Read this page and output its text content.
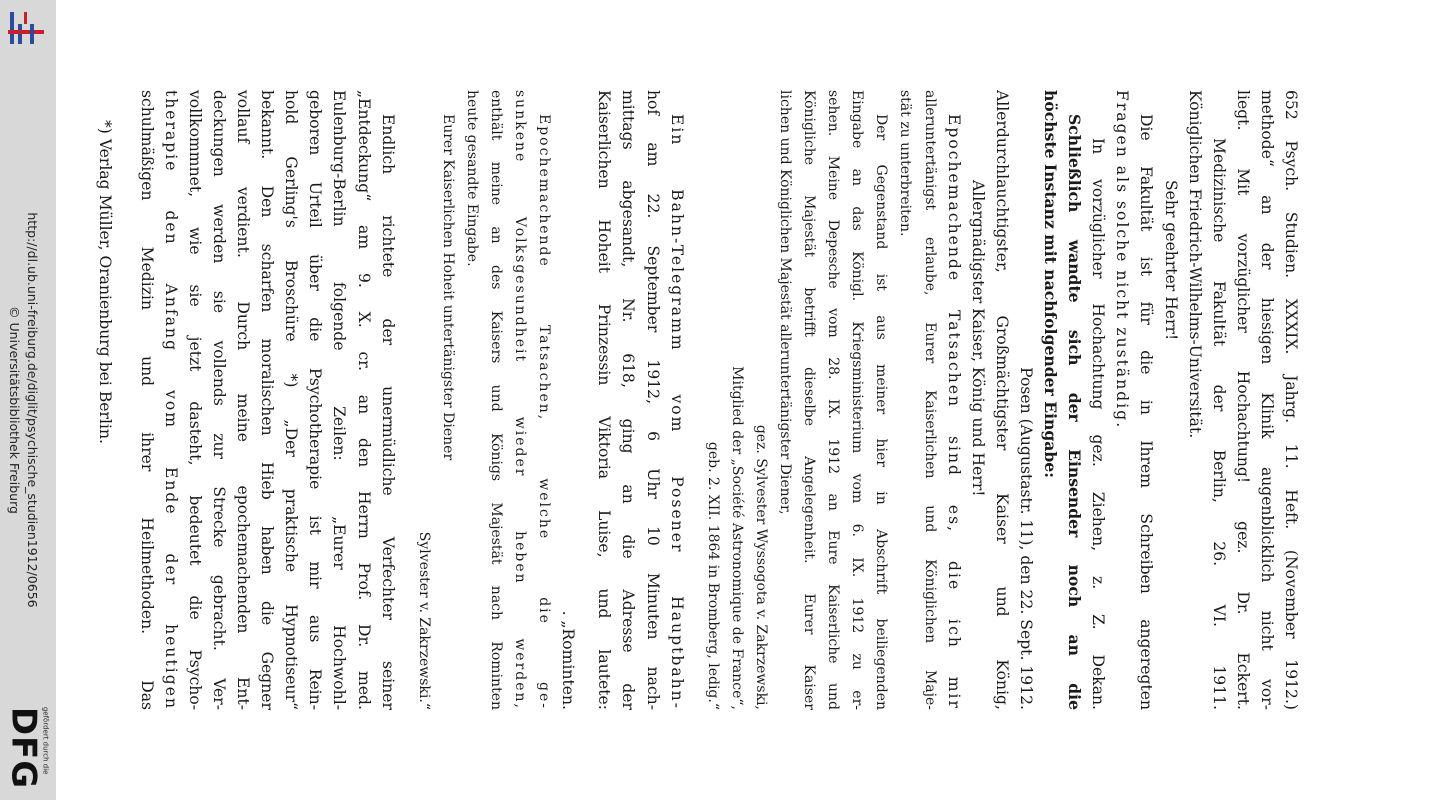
http://dl.ub.uni-freiburg.de/diglit/psychische_studien1912/0656
© Universitätsbibliothek Freiburg
gefördert durch die
DFG
652 Psych. Studien. XXXIX. Jahrg. 11. Heft. (November 1912.)
methode“ an der hiesigen Klinik augenblicklich nicht vor-
liegt. Mit vorzüglicher Hochachtung! gez. Dr. Eckert.
Medizinische Fakultät der Berlin, 26. VI. 1911.
Königlichen Friedrich-Wilhelms-Universität.
Sehr geehrter Herr!
Die Fakultät ist für die in Ihrem Schreiben angeregten
Fragen als solche nicht zuständig.
In vorzüglicher Hochachtung gez. Ziehen, z. Z. Dekan.
Schließlich wandte sich der Einsender noch an die
höchste Instanz mit nachfolgender Eingabe:
Posen (Augustastr. 11), den 22. Sept. 1912.
Allerdurchlauchtigster, Großmächtigster Kaiser und König,
Allergnädigster Kaiser, König und Herr!
Epochemachende Tatsachen sind es, die ich mir
alleruntertänigst erlaube, Eurer Kaiserlichen und Königlichen Maje-
stät zu unterbreiten.
Der Gegenstand ist aus meiner hier in Abschrift beiliegenden
Eingabe an das Königl. Kriegsministerium vom 6. IX. 1912 zu er-
sehen. Meine Depesche vom 28. IX. 1912 an Eure Kaiserliche und
Königliche Majestät betrifft dieselbe Angelegenheit. Eurer Kaiser
lichen und Königlichen Majestät alleruntertänigster Diener,
gez. Sylvester Wyssogota v. Zakrzewski,
Mitglied der „Société Astronomique de France“,
geb. 2. XII. 1864 in Bromberg, ledig.“
Ein Bahn-Telegramm vom Posener Hauptbahn-
hof am 22. September 1912, 6 Uhr 10 Minuten nach-
mittags abgesandt, Nr. 618, ging an die Adresse der
Kaiserlichen Hoheit Prinzessin Viktoria Luise, und lautete:
. „Rominten.
Epochemachende Tatsachen, welche die ge-
sunkene Volksgesundheit wieder heben werden,
enthält meine an des Kaisers und Königs Majestät nach Rominten
heute gesandte Eingabe.
Eurer Kaiserlichen Hoheit untertänigster Diener
Sylvester v. Zakrzewski.“
Endlich richtete der unermüdliche Verfechter seiner
„Entdeckung“ am 9. X. cr. an den Herrn Prof. Dr. med.
Eulenburg-Berlin folgende Zeilen: „Eurer Hochwohl-
geboren Urteil über die Psychotherapie ist mir aus Rein-
hold Gerling's Broschüre *) „Der praktische Hypnotiseur“
bekannt. Den scharfen moralischen Hieb haben die Gegner
vollauf verdient. Durch meine epochemachenden Ent-
deckungen werden sie vollends zur Strecke gebracht. Ver-
vollkommnet, wie sie jetzt dasteht, bedeutet die Psycho-
therapie den Anfang vom Ende der heutigen
schulmäßigen Medizin und ihrer Heilmethoden. Das
*) Verlag Müller, Oranienburg bei Berlin.
